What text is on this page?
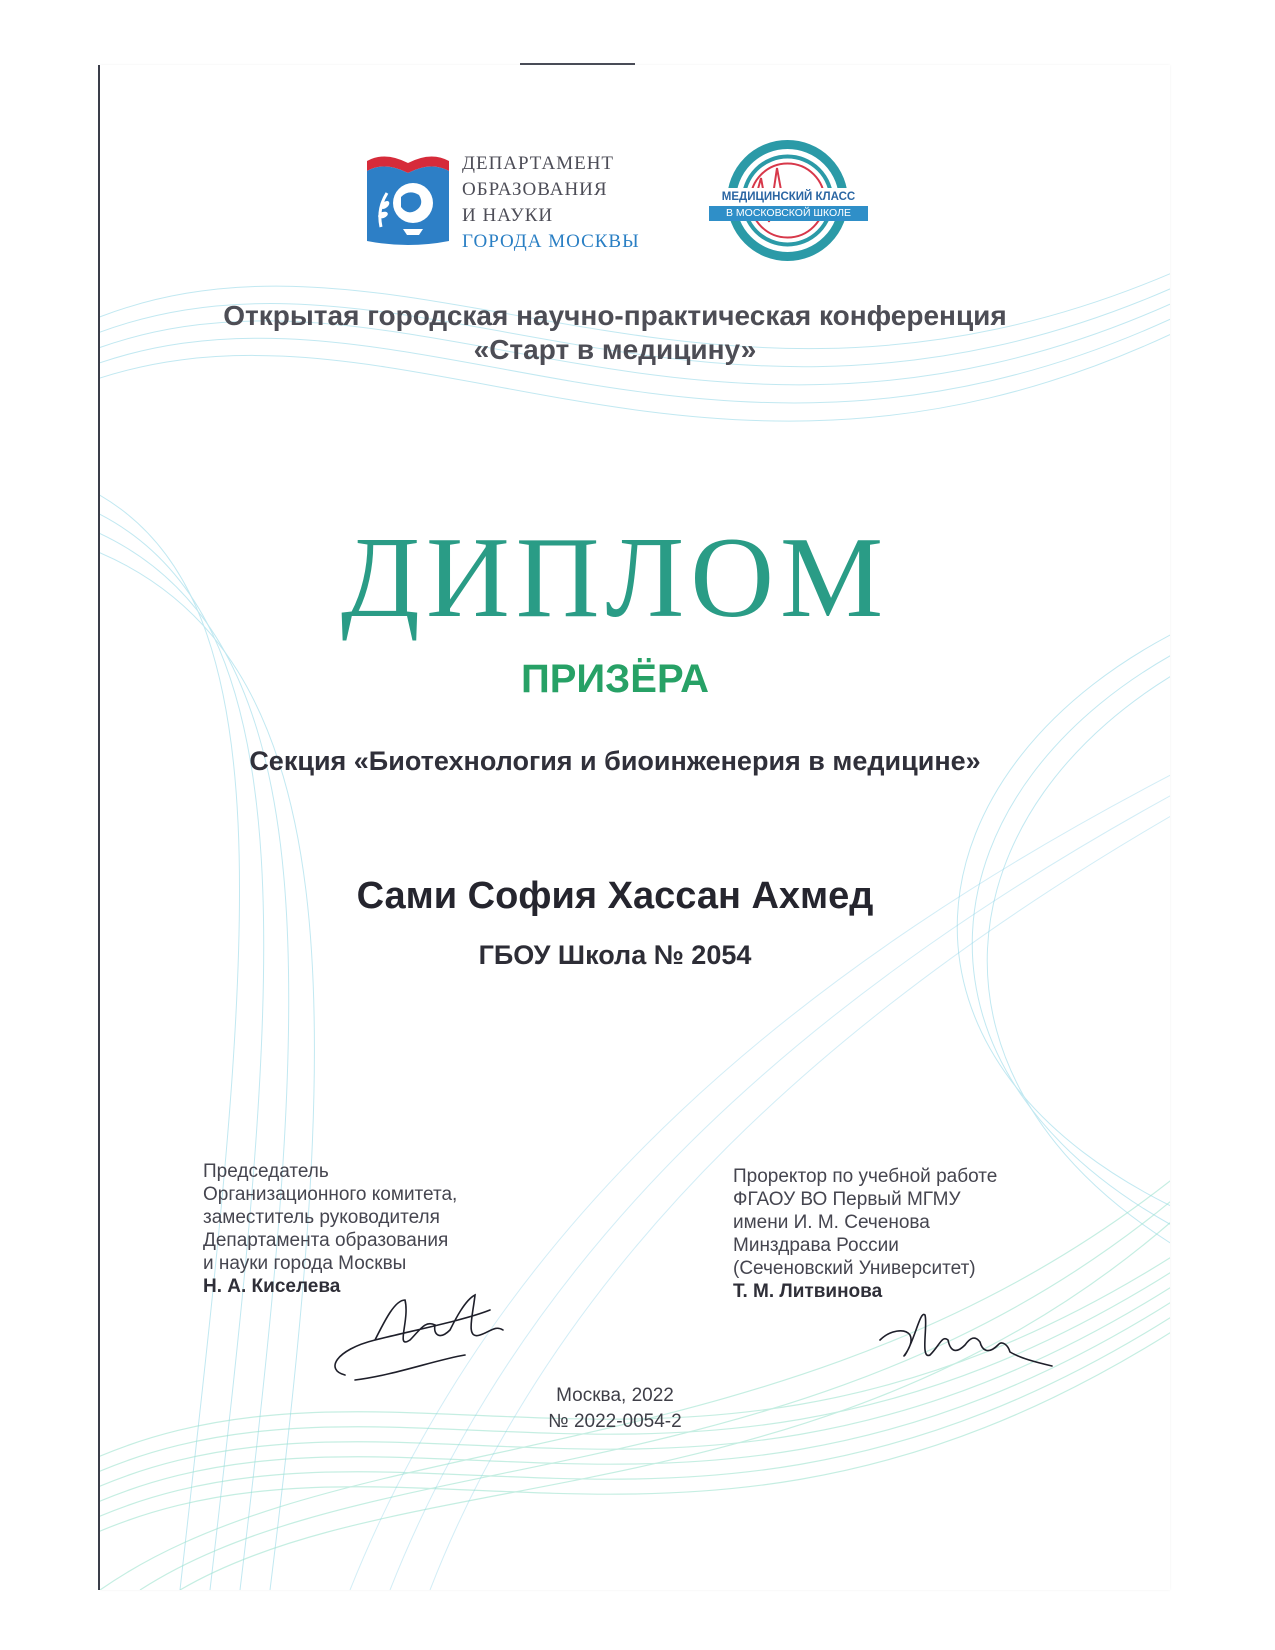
ДЕПАРТАМЕНТ
ОБРАЗОВАНИЯ
И НАУКИ
ГОРОДА МОСКВЫ
МЕДИЦИНСКИЙ КЛАСС
В МОСКОВСКОЙ ШКОЛЕ
Открытая городская научно-практическая конференция
«Старт в медицину»
ДИПЛОМ
ПРИЗЁРА
Секция «Биотехнология и биоинженерия в медицине»
Сами София Хассан Ахмед
ГБОУ Школа № 2054
Председатель
Организационного комитета,
заместитель руководителя
Департамента образования
и науки города Москвы
Н. А. Киселева
Проректор по учебной работе
ФГАОУ ВО Первый МГМУ
имени И. М. Сеченова
Минздрава России
(Сеченовский Университет)
Т. М. Литвинова
Москва, 2022
№ 2022-0054-2
